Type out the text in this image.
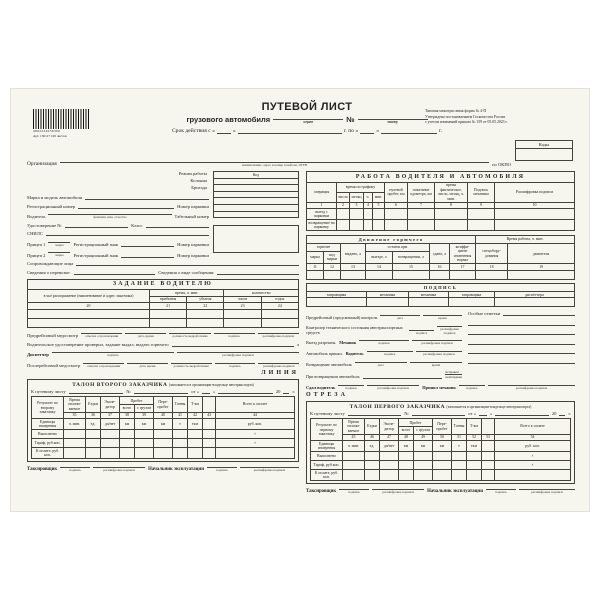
4602224056390
Арт. 130117 100 листов
ПУТЕВОЙ ЛИСТ
грузового автомобиля	серия	№	номер
Срок действия с «	»	г. по «	»	г.
Типовая межотраслевая форма № 4-П
Утверждена постановлением Госкомстата России
с учетом изменений приказа № 159 от 05.05.2023 г.
Коды
Организация	наименование, адрес и номер телефона, ОГРН	по ОКПО
Режим работы
Колонна
Бригада
Марка и модель автомобиля
Регистрационный номер	Номер парковки
Водитель	фамилия, имя, отчество	Табельный номер
Удостоверение №	Класс
СНИЛС
Прицеп 1	марка	Регистрационный знак	Номер парковки
Прицеп 2	марка	Регистрационный знак	Номер парковки
Код

Сопровождающие лица
Сведения о перевозке:	Сведения о виде сообщения:
ЗАДАНИЕ ВОДИТЕЛЮ				
в чье распоряжение (наименование и адрес заказчика)	время, ч. мин.		количество	
	прибытия	убытия	часов	ездок
20	21	22	23	24

Предрейсовый медосмотр	отметка о прохождении	дата, время	должность медработника	подпись	расшифровка подписи
Водительское удостоверение проверил, задание выдал, выдать горючего	л
Диспетчер	подпись	расшифровка подписи
Послерейсовый медосмотр	отметка о прохождении	дата, время	должность медработника	подпись	расшифровка подписи
ЛИНИЯ
ТАЛОН ВТОРОГО ЗАКАЗЧИКА (заполняется в организации-владельце автотранспорта)
К путевому листу	№	от «	»	20	г.
Результат по второму заказчику	Время оплачи- ваемое	Ездки	Экспе- дитор	Пробег		Пере- пробег	Тонны	Т-км		Всего к оплате
				всего	с грузом					
	35	36	37	38	39	40	41	42	43	44
Единицы измерения	ч. мин.	ед.	да/нет	км	км	км	т	ткм		руб. коп.
Выполнено										×
Тариф, руб.коп.										×
К оплате, руб. коп.										
Таксировщик	подпись	расшифровка подписи	Начальник эксплуатации	подпись	расшифровка подписи
РАБОТА ВОДИТЕЛЯ И АВТОМОБИЛЯ									
операция	время по графику				нулевой пробег, км	показание одометра, км	время фактическое, число, месяц, ч. мин.	Подпись механика	Расшифровка подписи
	число	месяц	ч.	мин.					
1	2	3	4	5	6	7	8	9	10
выезд с парковки									
возвращение на парковку									
Движение горючего							Время работы, ч. мин.	
горючее		выдано, л	остаток при		сдано, л	коэффи- циент изменения нормы	спецобору- дования	двигателя
марка	код марки		выезде, л	возвращении, л				
11	12	13	14	15	16	17	18	19

ПОДПИСЬ				
заправщика	механика	механика	заправщика	диспетчера

Предрейсовый (предсменный) контроль	дата	время
Контролер технического состояния автотранспортных средств	подпись
расшифровка подписи
Выезд разрешен. Механик	подпись	расшифровка подписи
Автомобиль принял. Водитель	подпись	расшифровка подписи
Возвращение автомобиля	дата	время
При возвращении автомобиль
исправен
неисправен
Особые отметки
Сдал водитель	подпись	расшифровка подписи	Принял механик	подпись	расшифровка подписи
ОТРЕЗА
ТАЛОН ПЕРВОГО ЗАКАЗЧИКА (заполняется в организации-владельце автотранспорта)
К путевому листу	№	от «	»	20	г.
Результат по первому заказчику	Время оплачи- ваемое	Ездки	Экспе- дитор	Пробег		Пере- пробег	Тонны	Т-км		Всего к оплате
				всего	с грузом					
	45	46	47	48	49	50	51	52	53	54
Единицы измерения	ч. мин.	ед.	да/нет	км	км	км	т	ткм		руб. коп.
Выполнено										×
Тариф, руб.коп.										×
К оплате, руб. коп.										
Таксировщик	подпись	расшифровка подписи	Начальник эксплуатации	подпись	расшифровка подписи
